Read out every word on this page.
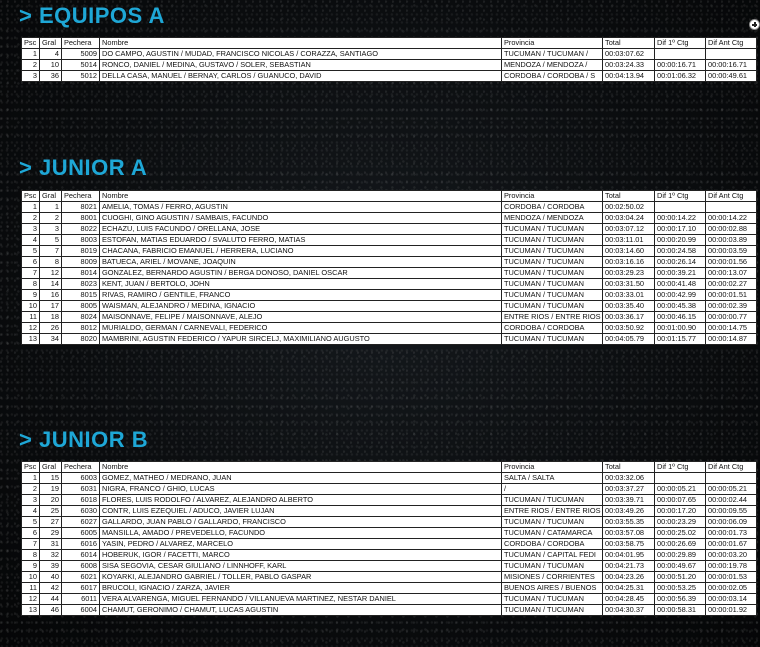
> EQUIPOS A
Psc	Gral	Pechera	Nombre	Provincia	Total	Dif 1º Ctg	Dif Ant Ctg
1	4	5009	DO CAMPO, AGUSTIN / MUDAD, FRANCISCO NICOLAS / CORAZZA, SANTIAGO	TUCUMAN / TUCUMAN /	00:03:07.62		
2	10	5014	RONCO, DANIEL / MEDINA, GUSTAVO / SOLER, SEBASTIAN	MENDOZA / MENDOZA /	00:03:24.33	00:00:16.71	00:00:16.71
3	36	5012	DELLA CASA, MANUEL / BERNAY, CARLOS / GUANUCO, DAVID	CORDOBA / CORDOBA / S	00:04:13.94	00:01:06.32	00:00:49.61
> JUNIOR A
Psc	Gral	Pechera	Nombre	Provincia	Total	Dif 1º Ctg	Dif Ant Ctg
1	1	8021	AMELIA, TOMAS / FERRO, AGUSTIN	CORDOBA / CORDOBA	00:02:50.02		
2	2	8001	CUOGHI, GINO AGUSTIN / SAMBAIS, FACUNDO	MENDOZA / MENDOZA	00:03:04.24	00:00:14.22	00:00:14.22
3	3	8022	ECHAZU, LUIS FACUNDO / ORELLANA, JOSE	TUCUMAN / TUCUMAN	00:03:07.12	00:00:17.10	00:00:02.88
4	5	8003	ESTOFAN, MATIAS EDUARDO / SVALUTO FERRO, MATIAS	TUCUMAN / TUCUMAN	00:03:11.01	00:00:20.99	00:00:03.89
5	7	8019	CHACANA, FABRICIO EMANUEL / HERRERA, LUCIANO	TUCUMAN / TUCUMAN	00:03:14.60	00:00:24.58	00:00:03.59
6	8	8009	BATUECA, ARIEL / MOVANE, JOAQUIN	TUCUMAN / TUCUMAN	00:03:16.16	00:00:26.14	00:00:01.56
7	12	8014	GONZALEZ, BERNARDO AGUSTIN / BERGA DONOSO, DANIEL OSCAR	TUCUMAN / TUCUMAN	00:03:29.23	00:00:39.21	00:00:13.07
8	14	8023	KENT, JUAN / BERTOLO, JOHN	TUCUMAN / TUCUMAN	00:03:31.50	00:00:41.48	00:00:02.27
9	16	8015	RIVAS, RAMIRO / GENTILE, FRANCO	TUCUMAN / TUCUMAN	00:03:33.01	00:00:42.99	00:00:01.51
10	17	8005	WAISMAN, ALEJANDRO / MEDINA, IGNACIO	TUCUMAN / TUCUMAN	00:03:35.40	00:00:45.38	00:00:02.39
11	18	8024	MAISONNAVE, FELIPE / MAISONNAVE, ALEJO	ENTRE RIOS / ENTRE RIOS	00:03:36.17	00:00:46.15	00:00:00.77
12	26	8012	MURIALDO, GERMAN / CARNEVALI, FEDERICO	CORDOBA / CORDOBA	00:03:50.92	00:01:00.90	00:00:14.75
13	34	8020	MAMBRINI, AGUSTIN FEDERICO / YAPUR SIRCELJ, MAXIMILIANO AUGUSTO	TUCUMAN / TUCUMAN	00:04:05.79	00:01:15.77	00:00:14.87
> JUNIOR B
Psc	Gral	Pechera	Nombre	Provincia	Total	Dif 1º Ctg	Dif Ant Ctg
1	15	6003	GOMEZ, MATHEO / MEDRANO, JUAN	SALTA / SALTA	00:03:32.06		
2	19	6031	NIGRA, FRANCO / GHIO, LUCAS	/	00:03:37.27	00:00:05.21	00:00:05.21
3	20	6018	FLORES, LUIS RODOLFO / ALVAREZ, ALEJANDRO ALBERTO	TUCUMAN / TUCUMAN	00:03:39.71	00:00:07.65	00:00:02.44
4	25	6030	CONTR, LUIS EZEQUIEL / ADUCO, JAVIER LUJAN	ENTRE RIOS / ENTRE RIOS	00:03:49.26	00:00:17.20	00:00:09.55
5	27	6027	GALLARDO, JUAN PABLO / GALLARDO, FRANCISCO	TUCUMAN / TUCUMAN	00:03:55.35	00:00:23.29	00:00:06.09
6	29	6005	MANSILLA, AMADO / PREVEDELLO, FACUNDO	TUCUMAN / CATAMARCA	00:03:57.08	00:00:25.02	00:00:01.73
7	31	6016	YASIN, PEDRO / ALVAREZ, MARCELO	CORDOBA / CORDOBA	00:03:58.75	00:00:26.69	00:00:01.67
8	32	6014	HOBERUK, IGOR / FACETTI, MARCO	TUCUMAN / CAPITAL FEDI	00:04:01.95	00:00:29.89	00:00:03.20
9	39	6008	SISA SEGOVIA, CESAR GIULIANO / LINNHOFF, KARL	TUCUMAN / TUCUMAN	00:04:21.73	00:00:49.67	00:00:19.78
10	40	6021	KOYARKI, ALEJANDRO GABRIEL / TOLLER, PABLO GASPAR	MISIONES / CORRIENTES	00:04:23.26	00:00:51.20	00:00:01.53
11	42	6017	BRUCOLI, IGNACIO / ZARZA, JAVIER	BUENOS AIRES / BUENOS	00:04:25.31	00:00:53.25	00:00:02.05
12	44	6011	VERA ALVARENGA, MIGUEL FERNANDO / VILLANUEVA MARTINEZ, NESTAR DANIEL	TUCUMAN / TUCUMAN	00:04:28.45	00:00:56.39	00:00:03.14
13	46	6004	CHAMUT, GERONIMO / CHAMUT, LUCAS AGUSTIN	TUCUMAN / TUCUMAN	00:04:30.37	00:00:58.31	00:00:01.92
